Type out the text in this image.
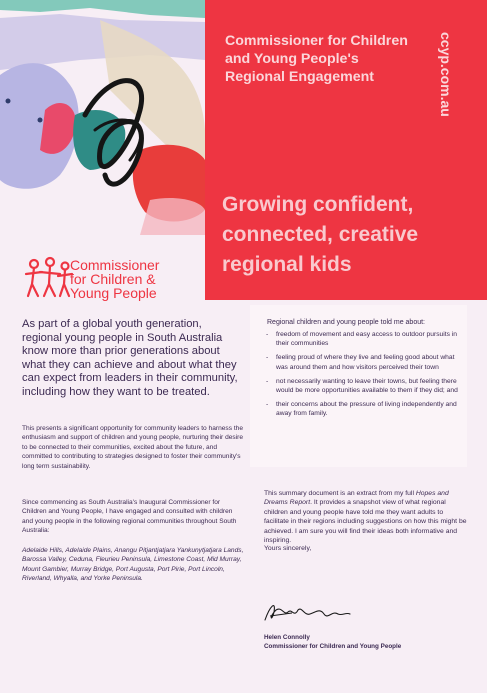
Commissioner for Children and Young People's Regional Engagement	ccyp.com.au
Growing confident, connected, creative regional kids
Commissioner
for Children &
Young People
As part of a global youth generation, regional young people in South Australia know more than prior generations about what they can achieve and about what they can expect from leaders in their community, including how they want to be treated.
This presents a significant opportunity for community leaders to harness the enthusiasm and support of children and young people, nurturing their desire to be connected to their communities, excited about the future, and committed to contributing to strategies designed to foster their community's long term sustainability.
Since commencing as South Australia's Inaugural Commissioner for Children and Young People, I have engaged and consulted with children and young people in the following regional communities throughout South Australia:
Adelaide Hills, Adelaide Plains, Anangu Pitjantjatjara Yankunytjatjara Lands, Barossa Valley, Ceduna, Fleurieu Peninsula, Limestone Coast, Mid Murray, Mount Gambier, Murray Bridge, Port Augusta, Port Pirie, Port Lincoln, Riverland, Whyalla, and Yorke Peninsula.
Regional children and young people told me about:
- freedom of movement and easy access to outdoor pursuits in their communities
- feeling proud of where they live and feeling good about what was around them and how visitors perceived their town
- not necessarily wanting to leave their towns, but feeling there would be more opportunities available to them if they did; and
- their concerns about the pressure of living independently and away from family.
This summary document is an extract from my full Hopes and Dreams Report. It provides a snapshot view of what regional children and young people have told me they want adults to facilitate in their regions including suggestions on how this might be achieved. I am sure you will find their ideas both informative and inspiring.
Yours sincerely,
Helen Connolly
Commissioner for Children and Young People
